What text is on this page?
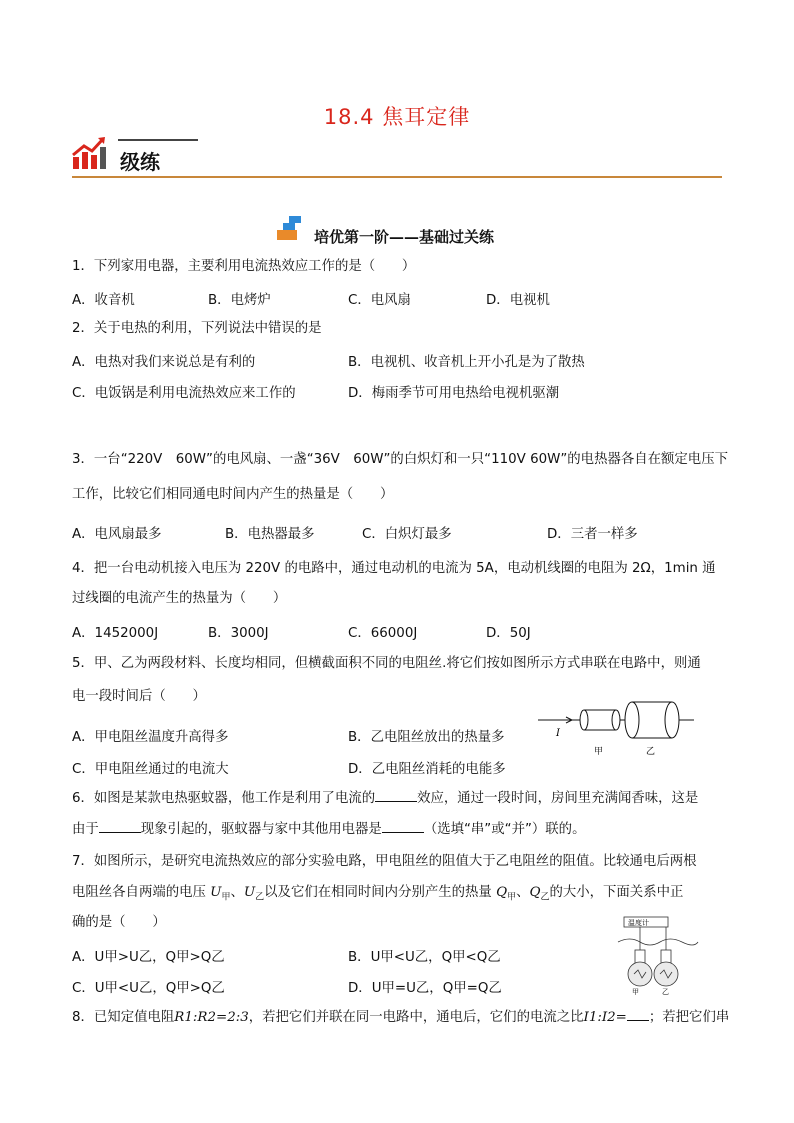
18.4 焦耳定律
级练
培优第一阶——基础过关练
1．下列家用电器，主要利用电流热效应工作的是（　　）
A．收音机	B．电烤炉	C．电风扇	D．电视机
2．关于电热的利用，下列说法中错误的是
A．电热对我们来说总是有利的	B．电视机、收音机上开小孔是为了散热
C．电饭锅是利用电流热效应来工作的	D．梅雨季节可用电热给电视机驱潮
3．一台“220V　60W”的电风扇、一盏“36V　60W”的白炽灯和一只“110V 60W”的电热器各自在额定电压下
工作，比较它们相同通电时间内产生的热量是（　　）
A．电风扇最多	B．电热器最多	C．白炽灯最多	D．三者一样多
4．把一台电动机接入电压为 220V 的电路中，通过电动机的电流为 5A，电动机线圈的电阻为 2Ω，1min 通
过线圈的电流产生的热量为（　　）
A．1452000J	B．3000J	C．66000J	D．50J
5．甲、乙为两段材料、长度均相同，但横截面积不同的电阻丝.将它们按如图所示方式串联在电路中，则通
电一段时间后（　　）
A．甲电阻丝温度升高得多	B．乙电阻丝放出的热量多
C．甲电阻丝通过的电流大	D．乙电阻丝消耗的电能多
I
甲	乙
6．如图是某款电热驱蚊器，他工作是利用了电流的	效应，通过一段时间，房间里充满闻香味，这是
由于	现象引起的，驱蚊器与家中其他用电器是	（选填“串”或“并”）联的。
7．如图所示，是研究电流热效应的部分实验电路，甲电阻丝的阻值大于乙电阻丝的阻值。比较通电后两根
电阻丝各自两端的电压 $U_甲$、$U_乙$以及它们在相同时间内分别产生的热量 $Q_甲$、$Q_乙$的大小，下面关系中正
确的是（　　）
A．U甲>U乙，Q甲>Q乙	B．U甲<U乙，Q甲<Q乙
C．U甲<U乙，Q甲>Q乙	D．U甲=U乙，Q甲=Q乙
温度计
甲	乙
8．已知定值电阻R1:R2=2:3，若把它们并联在同一电路中，通电后，它们的电流之比I1:I2= ；若把它们串
